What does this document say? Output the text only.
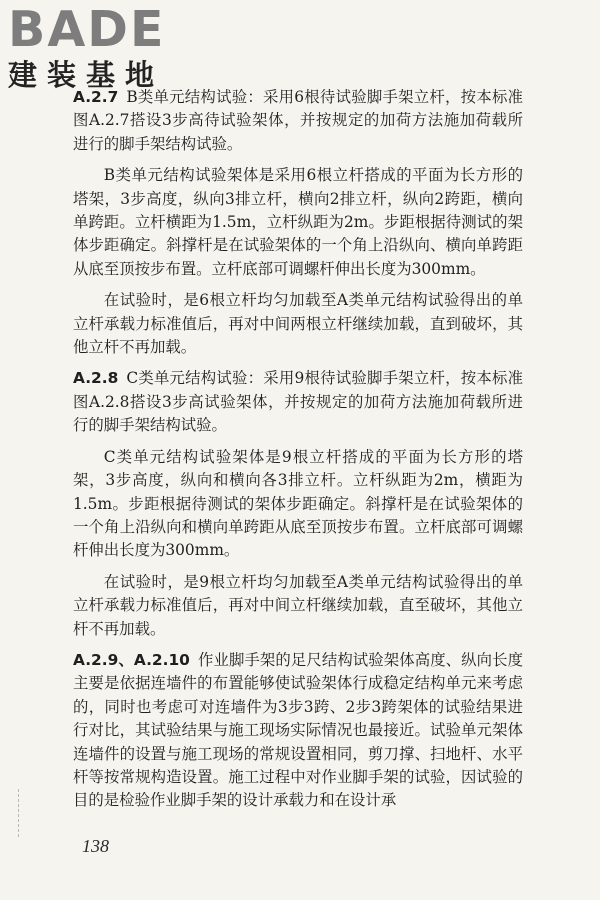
BADE
建装基地

A.2.7 B类单元结构试验：采用6根待试验脚手架立杆，按本标准图A.2.7搭设3步高待试验架体，并按规定的加荷方法施加荷载所进行的脚手架结构试验。

B类单元结构试验架体是采用6根立杆搭成的平面为长方形的塔架，3步高度，纵向3排立杆，横向2排立杆，纵向2跨距，横向单跨距。立杆横距为1.5m，立杆纵距为2m。步距根据待测试的架体步距确定。斜撑杆是在试验架体的一个角上沿纵向、横向单跨距从底至顶按步布置。立杆底部可调螺杆伸出长度为300mm。

在试验时，是6根立杆均匀加载至A类单元结构试验得出的单立杆承载力标准值后，再对中间两根立杆继续加载，直到破坏，其他立杆不再加载。

A.2.8 C类单元结构试验：采用9根待试验脚手架立杆，按本标准图A.2.8搭设3步高试验架体，并按规定的加荷方法施加荷载所进行的脚手架结构试验。

C类单元结构试验架体是9根立杆搭成的平面为长方形的塔架，3步高度，纵向和横向各3排立杆。立杆纵距为2m，横距为1.5m。步距根据待测试的架体步距确定。斜撑杆是在试验架体的一个角上沿纵向和横向单跨距从底至顶按步布置。立杆底部可调螺杆伸出长度为300mm。

在试验时，是9根立杆均匀加载至A类单元结构试验得出的单立杆承载力标准值后，再对中间立杆继续加载，直至破坏，其他立杆不再加载。

A.2.9、A.2.10 作业脚手架的足尺结构试验架体高度、纵向长度主要是依据连墙件的布置能够使试验架体行成稳定结构单元来考虑的，同时也考虑可对连墙件为3步3跨、2步3跨架体的试验结果进行对比，其试验结果与施工现场实际情况也最接近。试验单元架体连墙件的设置与施工现场的常规设置相同，剪刀撑、扫地杆、水平杆等按常规构造设置。施工过程中对作业脚手架的试验，因试验的目的是检验作业脚手架的设计承载力和在设计承

138
